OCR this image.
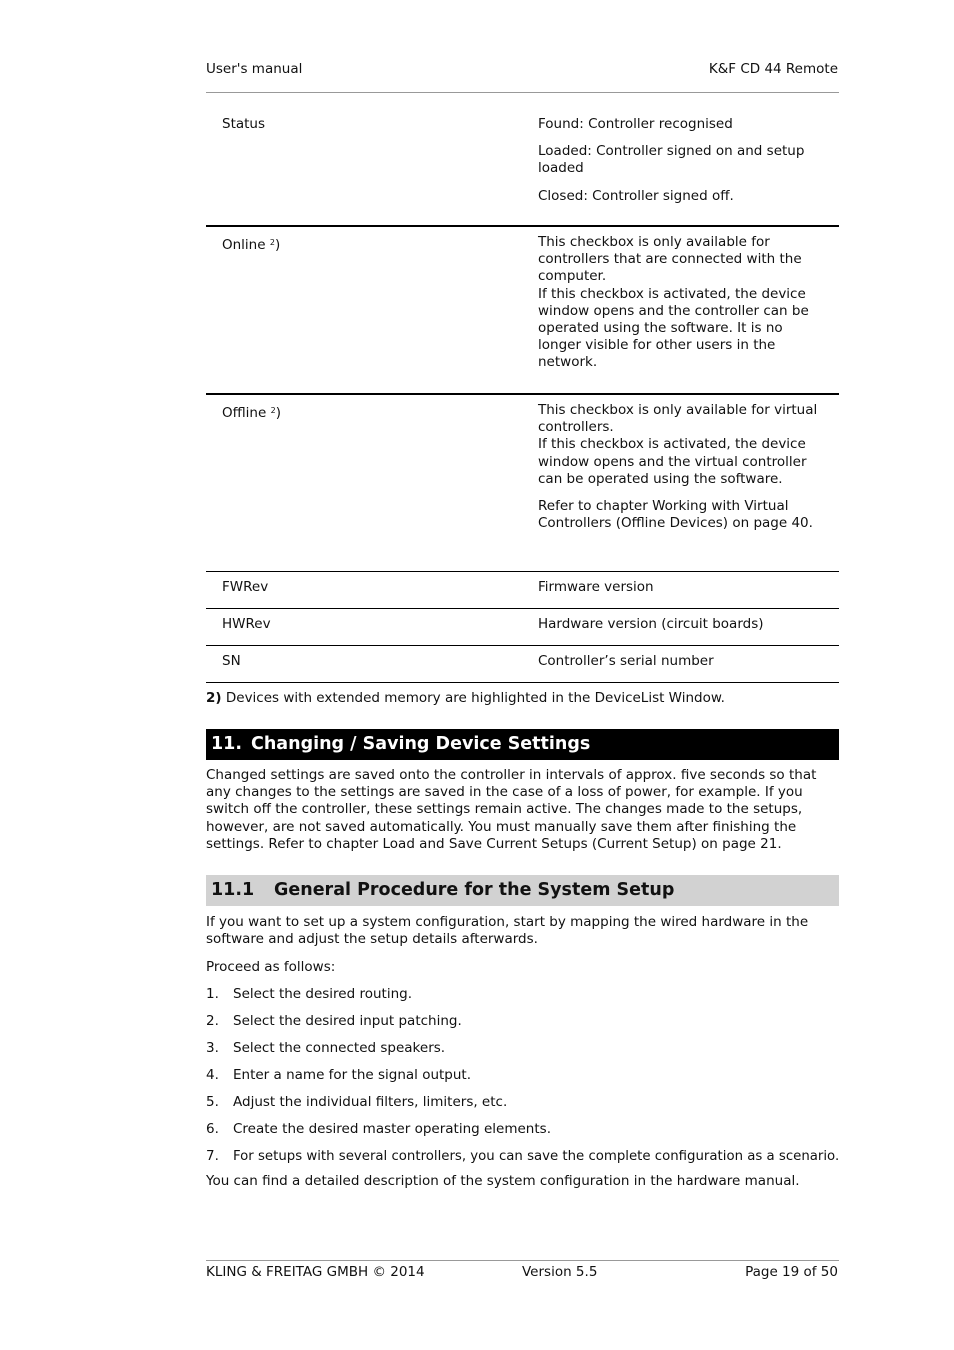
User's manual	K&F CD 44 Remote
Status	Found: Controller recognised
Loaded: Controller signed on and setup loaded
Closed: Controller signed off.
Online $^2$)	This checkbox is only available for controllers that are connected with the computer.
If this checkbox is activated, the device window opens and the controller can be operated using the software. It is no longer visible for other users in the network.
Offline $^2$)	This checkbox is only available for virtual controllers.
If this checkbox is activated, the device window opens and the virtual controller can be operated using the software.
Refer to chapter Working with Virtual Controllers (Offline Devices) on page 40.
FWRev	Firmware version
HWRev	Hardware version (circuit boards)
SN	Controller’s serial number
2) Devices with extended memory are highlighted in the DeviceList Window.
11. Changing / Saving Device Settings
Changed settings are saved onto the controller in intervals of approx. five seconds so that any changes to the settings are saved in the case of a loss of power, for example. If you switch off the controller, these settings remain active. The changes made to the setups, however, are not saved automatically. You must manually save them after finishing the settings. Refer to chapter Load and Save Current Setups (Current Setup) on page 21.
11.1 General Procedure for the System Setup
If you want to set up a system configuration, start by mapping the wired hardware in the software and adjust the setup details afterwards.
Proceed as follows:
1. Select the desired routing.
2. Select the desired input patching.
3. Select the connected speakers.
4. Enter a name for the signal output.
5. Adjust the individual filters, limiters, etc.
6. Create the desired master operating elements.
7. For setups with several controllers, you can save the complete configuration as a scenario.
You can find a detailed description of the system configuration in the hardware manual.
KLING & FREITAG GMBH © 2014	Version 5.5	Page 19 of 50
